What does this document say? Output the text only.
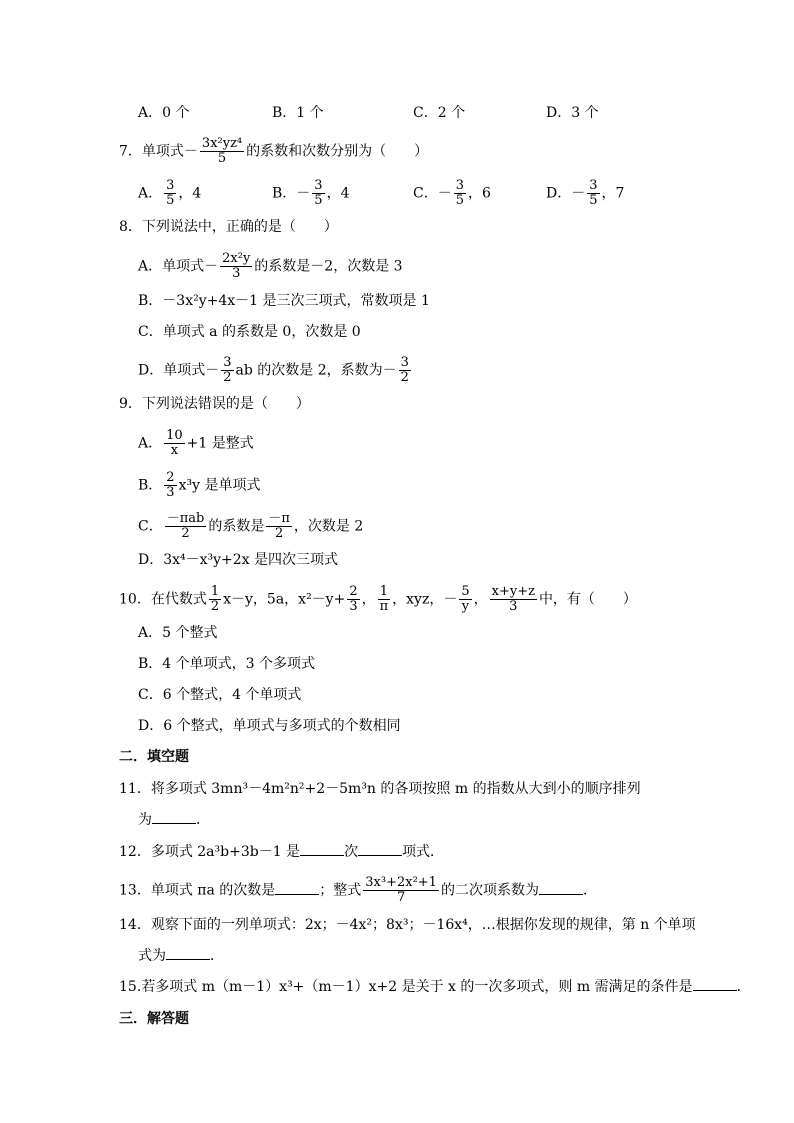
A．0 个	B．1 个	C．2 个	D．3 个
7．单项式－ $\frac{\text{3x²yz⁴}}{5}$ 的系数和次数分别为（　　）
A． $\frac{3}{5}$ ，4	B．－ $\frac{3}{5}$ ，4	C．－ $\frac{3}{5}$ ，6	D．－ $\frac{3}{5}$ ，7
8．下列说法中，正确的是（　　）
A．单项式－ $\frac{\text{2x²y}}{3}$ 的系数是－2，次数是 3
B．－3x²y+4x－1 是三次三项式，常数项是 1
C．单项式 a 的系数是 0，次数是 0
D．单项式－ $\frac{3}{2}$ ab 的次数是 2，系数为－ $\frac{3}{2}$
9．下列说法错误的是（　　）
A． $\frac{10}{x} +1$ 是整式
B． $\frac{2}{3} x^3y$ 是单项式
C． $\frac{\text{－πab}}{2}$ 的系数是 $\frac{-\pi}{2}$ ，次数是 2
D．3x⁴－x³y+2x 是四次三项式
10．在代数式 $\frac{1}{2} x-y$，5a，$x^2-y+ \frac{2}{3}$ ， $\frac{1}{\pi}$ ，xyz，－ $\frac{5}{y}$ ， $\frac{x+y+z}{3}$ 中，有（　　）
A．5 个整式
B．4 个单项式，3 个多项式
C．6 个整式，4 个单项式
D．6 个整式，单项式与多项式的个数相同
二．填空题
11．将多项式 3mn³－4m²n²+2－5m³n 的各项按照 m 的指数从大到小的顺序排列
为	．
12．多项式 2a³b+3b－1 是	次	项式．
13．单项式 πa 的次数是	；整式 $\frac{\text{3x³+2x²+1}}{7}$ 的二次项系数为	．
14．观察下面的一列单项式：2x；－4x²；8x³；－16x⁴，…根据你发现的规律，第 n 个单项
式为	．
15.若多项式 m（m－1）x³+（m－1）x+2 是关于 x 的一次多项式，则 m 需满足的条件是	．
三．解答题
